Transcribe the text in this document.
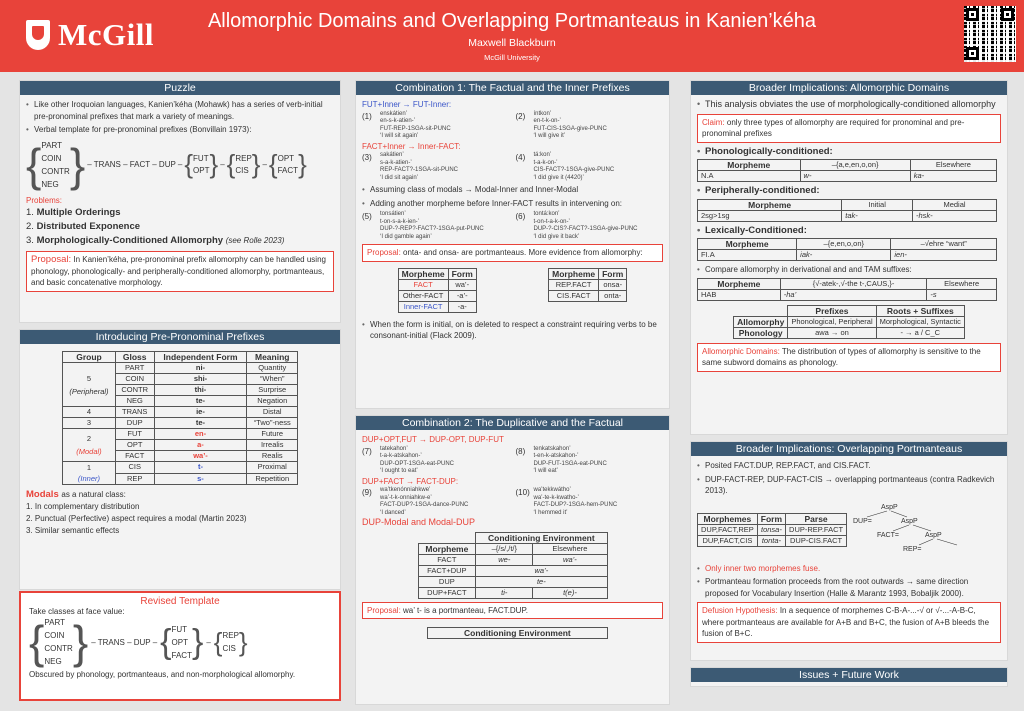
McGill	Allomorphic Domains and Overlapping Portmanteaus in Kanien’kéha
Maxwell Blackburn
McGill University
Puzzle
• Like other Iroquoian languages, Kanien’kéha (Mohawk) has a series of verb-initial pre-pronominal prefixes that mark a variety of meanings.
• Verbal template for pre-pronominal prefixes (Bonvillain 1973):
{ PART
COIN
CONTR
NEG } – TRANS – FACT – DUP – { FUT
OPT } – { REP
CIS } – { OPT
FACT }
Problems:
1. Multiple Orderings
2. Distributed Exponence
3. Morphologically-Conditioned Allomorphy (see Rolle 2023)
Proposal: In Kanien’kéha, pre-pronominal prefix allomorphy can be handled using phonology, phonologically- and peripherally-conditioned allomorphy, portmanteaus, and basic concatenative morphology.
Introducing Pre-Pronominal Prefixes
Group	Gloss	Independent Form	Meaning
5
(Peripheral)	PART	ni-	Quantity
	COIN	shi-	“When”
	CONTR	thi-	Surprise
	NEG	te-	Negation
4	TRANS	ie-	Distal
3	DUP	te-	“Two”-ness
2
(Modal)	FUT	en-	Future
	OPT	a-	Irrealis
	FACT	wa’-	Realis
1
(Inner)	CIS	t-	Proximal
	REP	s-	Repetition
Modals as a natural class:
1. In complementary distribution
2. Punctual (Perfective) aspect requires a modal (Martin 2023)
3. Similar semantic effects
Revised Template
Take classes at face value:
{ PART
COIN
CONTR
NEG } – TRANS – DUP – { FUT
OPT
FACT } – { REP
CIS }
Obscured by phonology, portmanteaus, and non-morphological allomorphy.
Combination 1: The Factual and the Inner Prefixes
FUT+Inner → FUT-Inner:
(1) enskátien’
en-s-k-atien-’
FUT-REP-1SGA-sit-PUNC
‘I will sit again’
(2) íntkon’
en-t-k-on-’
FUT-CIS-1SGA-give-PUNC
‘I will give it’
FACT+Inner → Inner-FACT:
(3) sakátien’
s-a-k-atien-’
REP-FACT?-1SGA-sit-PUNC
‘I did sit again’
(4) tá:kon’
t-a-k-on-’
CIS-FACT?-1SGA-give-PUNC
‘I did give it (4420)’
• Assuming class of modals → Modal-Inner and Inner-Modal
• Adding another morpheme before Inner-FACT results in intervening on:
(5) tonsátien’
t-on-s-a-k-ien-’
DUP-?-REP?-FACT?-1SGA-put-PUNC
‘I did gamble again’
(6) tontá:kon’
t-on-t-a-k-on-’
DUP-?-CIS?-FACT?-1SGA-give-PUNC
‘I did give it back’
Proposal: onta- and onsa- are portmanteaus. More evidence from allomorphy:
Morpheme	Form
FACT	wa’-
Other-FACT	-a’-
Inner-FACT	-a-
Morpheme	Form
REP.FACT	onsa-
CIS.FACT	onta-
• When the form is initial, on is deleted to respect a constraint requiring verbs to be consonant-initial (Flack 2009).
Combination 2: The Duplicative and the Factual
DUP+OPT,FUT → DUP-OPT, DUP-FUT
(7) tatekahon’
t-a-k-atskahon-’
DUP-OPT-1SGA-eat-PUNC
‘I ought to eat’
(8) tenkatskahon’
t-en-k-atskahon-’
DUP-FUT-1SGA-eat-PUNC
‘I will eat’
DUP+FACT → FACT-DUP:
(9) wa’tkenónniahkwe’
wa’-t-k-onniahkw-e’
FACT-DUP?-1SGA-dance-PUNC
‘I danced’
(10) wa’tekkwátho’
wa’-te-k-kwatho-’
FACT-DUP?-1SGA-hem-PUNC
‘I hemmed it’
DUP-Modal and Modal-DUP
	Conditioning Environment	
Morpheme	–{/s/,/t/}	Elsewhere
FACT	we-	wa’-
FACT+DUP	wa’-	
DUP	te-	
DUP+FACT	ti-	t(e)-
Proposal: wa’ t- is a portmanteau, FACT.DUP.
	Conditioning Environment
Broader Implications: Allomorphic Domains
• This analysis obviates the use of morphologically-conditioned allomorphy
Claim: only three types of allomorphy are required for pronominal and pre-pronominal prefixes
• Phonologically-conditioned:
Morpheme	–{a,e,en,o,on}	Elsewhere
N.A	w-	ka-
• Peripherally-conditioned:
Morpheme	Initial	Medial
2sg>1sg	tak-	-hsk-
• Lexically-Conditioned:
Morpheme	–{e,en,o,on}	–√ehre “want”
FI.A	iak-	ien-
• Compare allomorphy in derivational and and TAM suffixes:
Morpheme	{√-atek-,√-the t-,CAUS,}-	Elsewhere
HAB	-ha’	-s
	Prefixes	Roots + Suffixes
Allomorphy	Phonological, Peripheral	Morphological, Syntactic
Phonology	awa → on	- → a / C_C
Allomorphic Domains: The distribution of types of allomorphy is sensitive to the same subword domains as phonology.
Broader Implications: Overlapping Portmanteaus
• Posited FACT.DUP, REP.FACT, and CIS.FACT.
• DUP-FACT-REP, DUP-FACT-CIS → overlapping portmanteaus (contra Radkevich 2013).
Morphemes	Form	Parse
DUP,FACT,REP	tonsa-	DUP-REP.FACT
DUP,FACT,CIS	tonta-	DUP-CIS.FACT
AspP
DUP=	AspP
FACT=	AspP
REP=
• Only inner two morphemes fuse.
• Portmanteau formation proceeds from the root outwards → same direction proposed for Vocabulary Insertion (Halle & Marantz 1993, Bobaljik 2000).
Defusion Hypothesis: In a sequence of morphemes C-B-A-...-√ or √-...-A-B-C, where portmanteaus are available for A+B and B+C, the fusion of A+B bleeds the fusion of B+C.
Issues + Future Work
